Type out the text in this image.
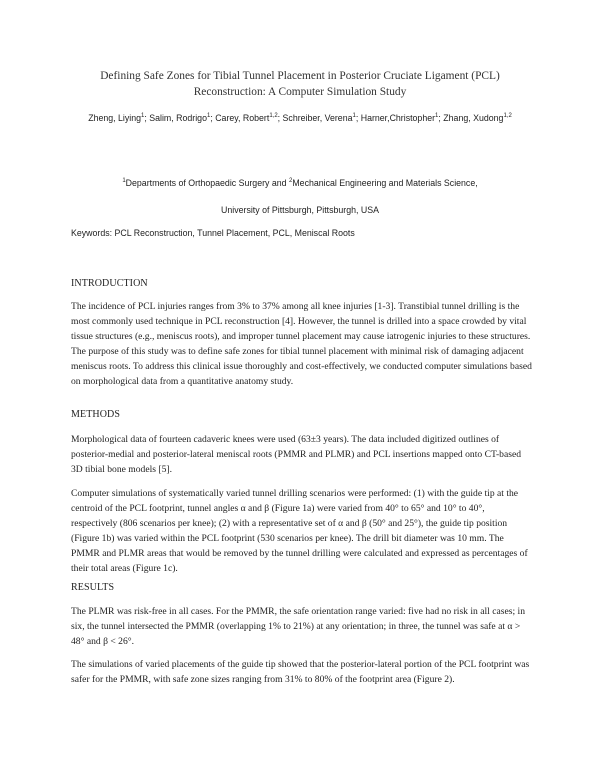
Defining Safe Zones for Tibial Tunnel Placement in Posterior Cruciate Ligament (PCL)
Reconstruction: A Computer Simulation Study
Zheng, Liying$^1$; Salim, Rodrigo$^1$; Carey, Robert$^{1,2}$; Schreiber, Verena$^1$; Harner,Christopher$^1$; Zhang, Xudong$^{1,2}$
$^1$Departments of Orthopaedic Surgery and $^2$Mechanical Engineering and Materials Science,
University of Pittsburgh, Pittsburgh, USA
Keywords: PCL Reconstruction, Tunnel Placement, PCL, Meniscal Roots
INTRODUCTION

The incidence of PCL injuries ranges from 3% to 37% among all knee injuries [1-3]. Transtibial tunnel drilling is the most commonly used technique in PCL reconstruction [4]. However, the tunnel is drilled into a space crowded by vital tissue structures (e.g., meniscus roots), and improper tunnel placement may cause iatrogenic injuries to these structures. The purpose of this study was to define safe zones for tibial tunnel placement with minimal risk of damaging adjacent meniscus roots. To address this clinical issue thoroughly and cost-effectively, we conducted computer simulations based on morphological data from a quantitative anatomy study.

METHODS

Morphological data of fourteen cadaveric knees were used (63±3 years). The data included digitized outlines of posterior-medial and posterior-lateral meniscal roots (PMMR and PLMR) and PCL insertions mapped onto CT-based 3D tibial bone models [5].

Computer simulations of systematically varied tunnel drilling scenarios were performed: (1) with the guide tip at the centroid of the PCL footprint, tunnel angles α and β (Figure 1a) were varied from 40° to 65° and 10° to 40°, respectively (806 scenarios per knee); (2) with a representative set of α and β (50° and 25°), the guide tip position (Figure 1b) was varied within the PCL footprint (530 scenarios per knee). The drill bit diameter was 10 mm. The PMMR and PLMR areas that would be removed by the tunnel drilling were calculated and expressed as percentages of their total areas (Figure 1c).

RESULTS

The PLMR was risk-free in all cases. For the PMMR, the safe orientation range varied: five had no risk in all cases; in six, the tunnel intersected the PMMR (overlapping 1% to 21%) at any orientation; in three, the tunnel was safe at α > 48° and β < 26°.

The simulations of varied placements of the guide tip showed that the posterior-lateral portion of the PCL footprint was safer for the PMMR, with safe zone sizes ranging from 31% to 80% of the footprint area (Figure 2).
